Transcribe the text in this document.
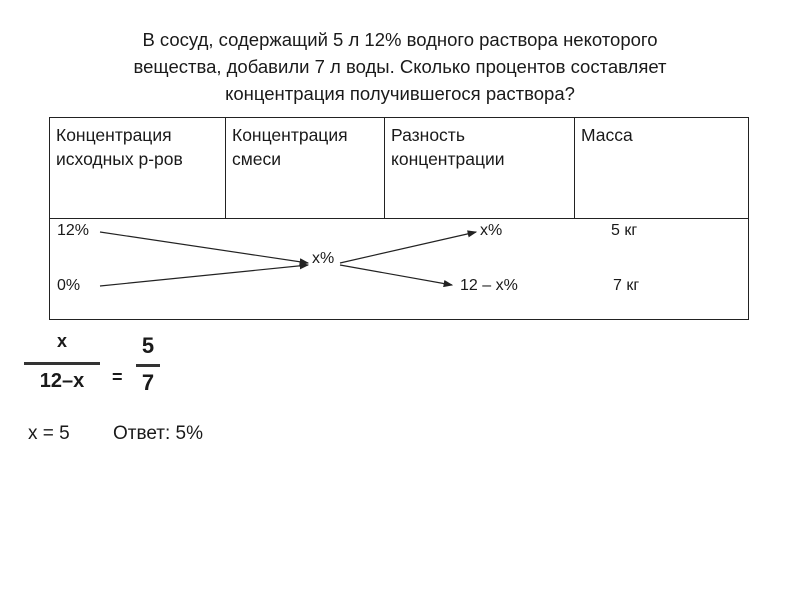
В сосуд, содержащий 5 л 12% водного раствора некоторого
вещества, добавили 7 л воды. Сколько процентов составляет
концентрация получившегося раствора?
Концентрация
исходных р-ров
Концентрация
смеси
Разность
концентрации
Масса
12%
0%
x%
x%
12 – x%
5 кг
7 кг
x
12–x	=
5
7
x = 5 Ответ: 5%
